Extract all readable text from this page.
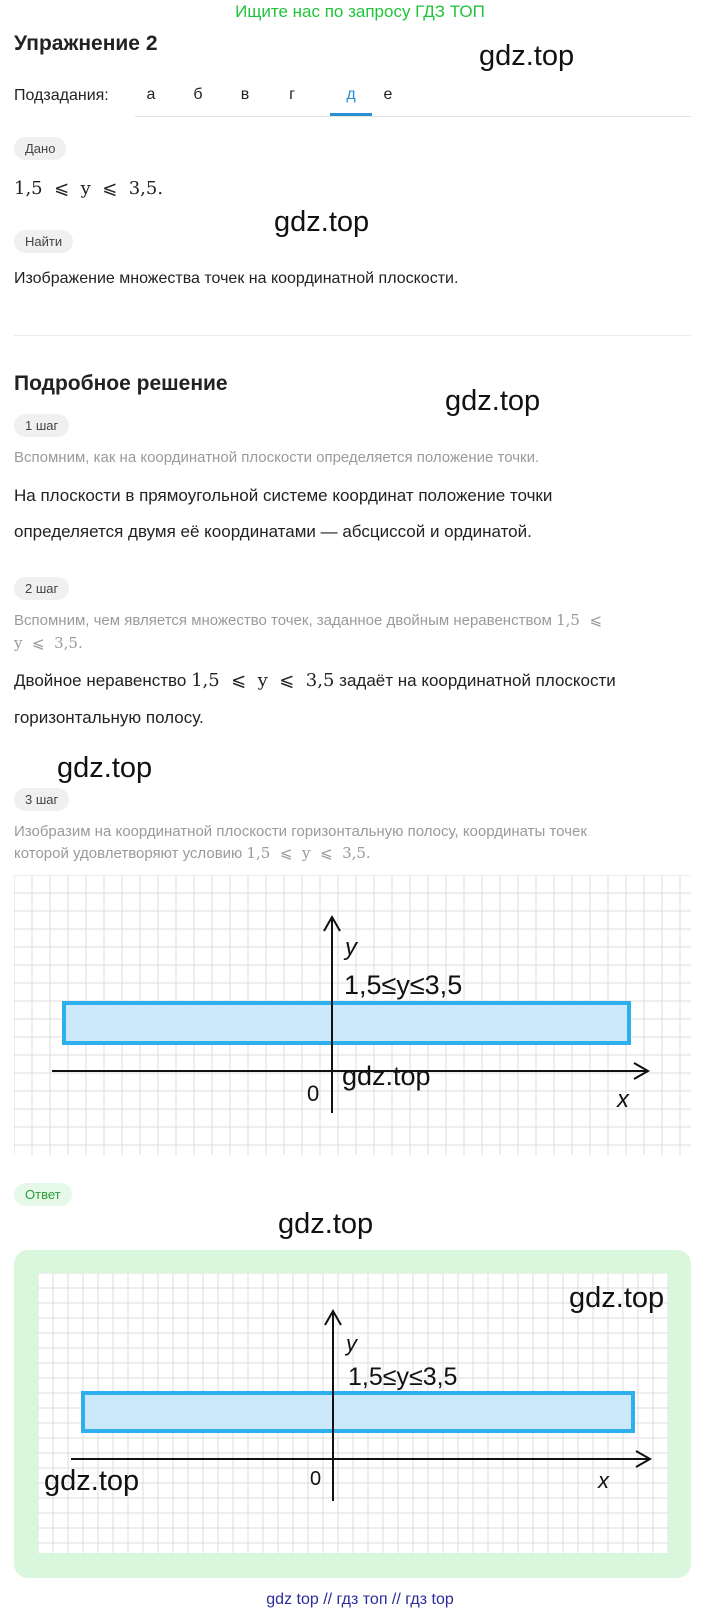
Ищите нас по запросу ГДЗ ТОП
Упражнение 2	gdz.top
Подзадания:	а	б	в	г	д	е
Дано
1,5  ⩽  y  ⩽  3,5.
gdz.top
Найти
Изображение множества точек на координатной плоскости.
Подробное решение
gdz.top
1 шаг
Вспомним, как на координатной плоскости определяется положение точки.
На плоскости в прямоугольной системе координат положение точки
определяется двумя её координатами — абсциссой и ординатой.
2 шаг
Вспомним, чем является множество точек, заданное двойным неравенством 1,5  ⩽
y  ⩽  3,5.
Двойное неравенство 1,5  ⩽  y  ⩽  3,5 задаёт на координатной плоскости
горизонтальную полосу.
gdz.top
3 шаг
Изобразим на координатной плоскости горизонтальную полосу, координаты точек
которой удовлетворяют условию 1,5  ⩽  y  ⩽  3,5.
y
x
0
1,5≤y≤3,5
gdz.top
Ответ
y
x
0
1,5≤y≤3,5
gdz.top
gdz.top
gdz.top
gdz top // гдз топ // гдз top
